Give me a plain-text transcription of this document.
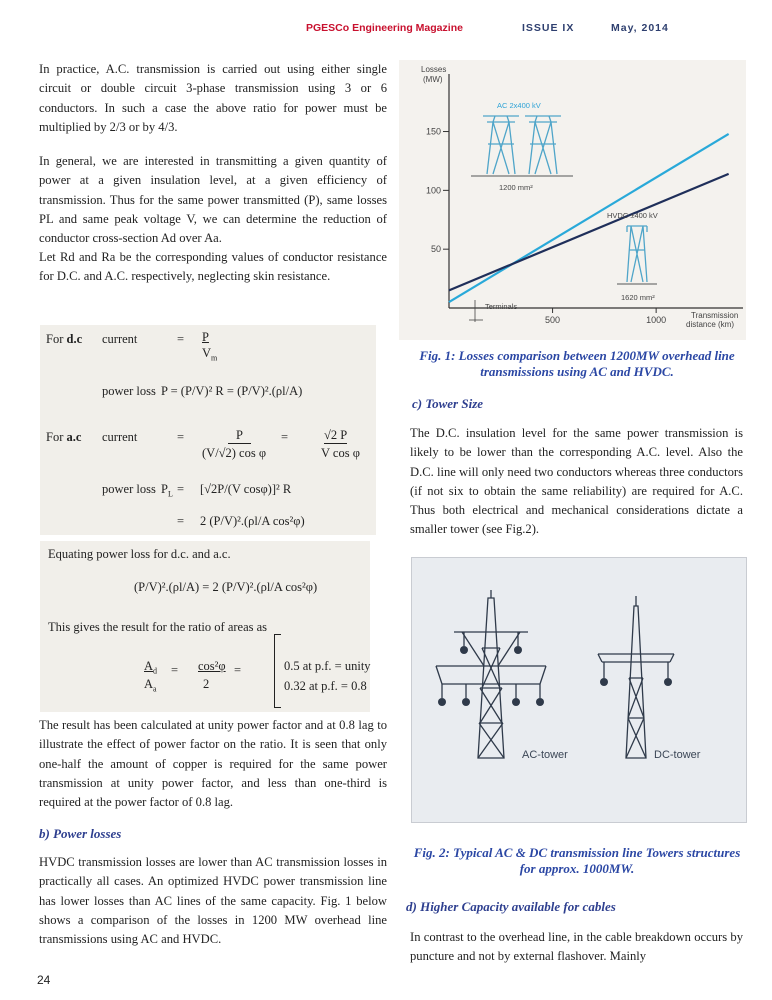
PGESCo Engineering Magazine	ISSUE IX	May, 2014

In practice, A.C. transmission is carried out using either single circuit or double circuit 3-phase transmission using 3 or 6 conductors. In such a case the above ratio for power must be multiplied by 2/3 or by 4/3.

In general, we are interested in transmitting a given quantity of power at a given insulation level, at a given efficiency of transmission. Thus for the same power transmitted (P), same losses PL and same peak voltage V, we can determine the reduction of conductor cross-section Ad over Aa.

Let Rd and Ra be the corresponding values of conductor resistance for D.C. and A.C. respectively, neglecting skin resistance.

For d.c current	= P
$V_m$
power loss P = (P/V)² R = (P/V)².(ρl/A)
For a.c current	=	P
(V/√2) cos φ
=	√2 P
V cos φ
power loss $P_L = [√2P/(V$ cosφ)]² R
= 2 (P/V)².(ρl/A cos²φ)
Equating power loss for d.c. and a.c.
(P/V)².(ρl/A) = 2 (P/V)².(ρl/A cos²φ)
This gives the result for the ratio of areas as
$A_d$
$A_a$
= cos²φ
2
=	0.5 at p.f. = unity
0.32 at p.f. = 0.8

The result has been calculated at unity power factor and at 0.8 lag to illustrate the effect of power factor on the ratio. It is seen that only one-half the amount of copper is required for the same power transmission at unity power factor, and less than one-third is required at the power factor of 0.8 lag.

b) Power losses

HVDC transmission losses are lower than AC transmission losses in practically all cases. An optimized HVDC power transmission line has lower losses than AC lines of the same capacity. Fig. 1 below shows a comparison of the losses in 1200 MW overhead line transmissions using AC and HVDC.

50
100
150
500	1000
Losses
(MW)
Transmission
distance (km)
AC 2x400 kV
1200 mm²
HVDC ±400 kV
1620 mm²
Terminals
Fig. 1: Losses comparison between 1200MW overhead line transmissions using AC and HVDC.
c) Tower Size

The D.C. insulation level for the same power transmission is likely to be lower than the corresponding A.C. level. Also the D.C. line will only need two conductors whereas three conductors (if not six to obtain the same reliability) are required for A.C. Thus both electrical and mechanical considerations dictate a smaller tower (see Fig.2).

AC-tower	DC-tower
Fig. 2: Typical AC & DC transmission line Towers structures for approx. 1000MW.
d) Higher Capacity available for cables

In contrast to the overhead line, in the cable breakdown occurs by puncture and not by external flashover. Mainly

24
